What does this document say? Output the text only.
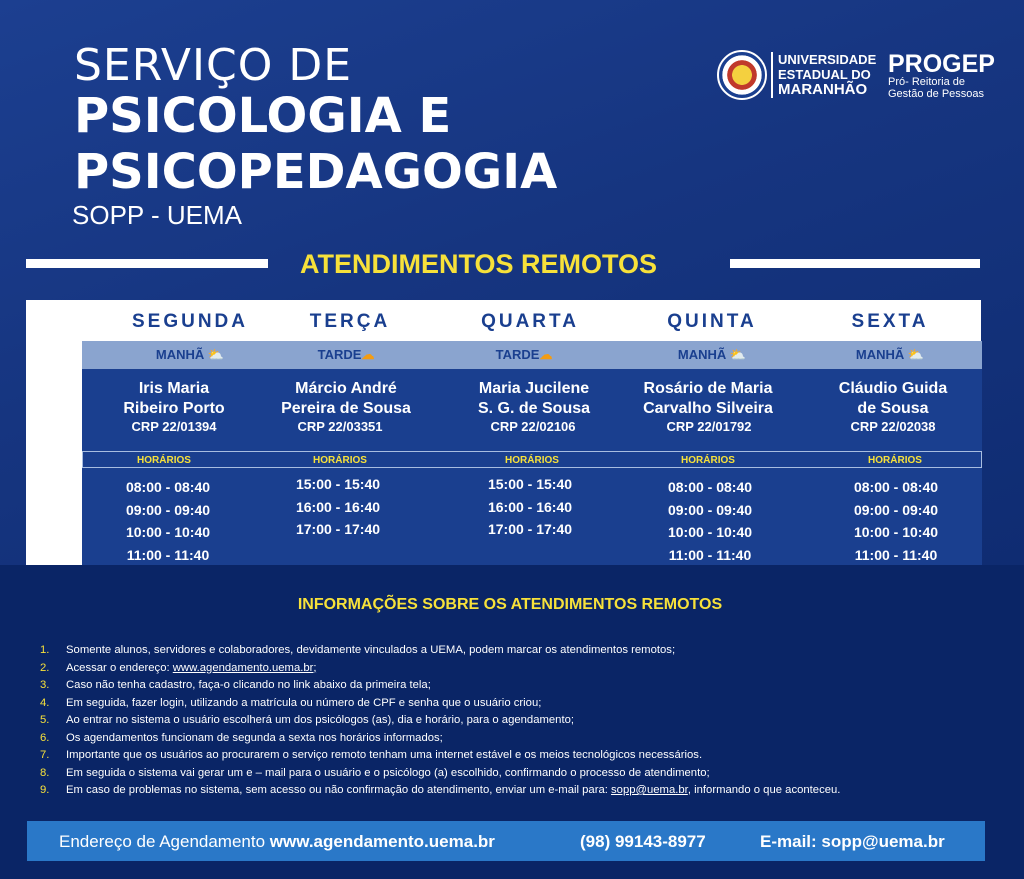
SERVIÇO DE
PSICOLOGIA E
PSICOPEDAGOGIA
SOPP - UEMA
UNIVERSIDADE
ESTADUAL DO
MARANHÃO
PROGEP
Pró- Reitoria de
Gestão de Pessoas
ATENDIMENTOS REMOTOS
SEGUNDA
MANHÃ ⛅
Iris Maria
Ribeiro Porto
CRP 22/01394
HORÁRIOS
08:00 - 08:40
09:00 - 09:40
10:00 - 10:40
11:00 - 11:40
TERÇA
TARDE☁
Márcio André
Pereira de Sousa
CRP 22/03351
HORÁRIOS
15:00 - 15:40
16:00 - 16:40
17:00 - 17:40
QUARTA
TARDE☁
Maria Jucilene
S. G. de Sousa
CRP 22/02106
HORÁRIOS
15:00 - 15:40
16:00 - 16:40
17:00 - 17:40
QUINTA
MANHÃ ⛅
Rosário de Maria
Carvalho Silveira
CRP 22/01792
HORÁRIOS
08:00 - 08:40
09:00 - 09:40
10:00 - 10:40
11:00 - 11:40
SEXTA
MANHÃ ⛅
Cláudio Guida
de Sousa
CRP 22/02038
HORÁRIOS
08:00 - 08:40
09:00 - 09:40
10:00 - 10:40
11:00 - 11:40
INFORMAÇÕES SOBRE OS ATENDIMENTOS REMOTOS
1. Somente alunos, servidores e colaboradores, devidamente vinculados a UEMA, podem marcar os atendimentos remotos;
2. Acessar o endereço: www.agendamento.uema.br;
3. Caso não tenha cadastro, faça-o clicando no link abaixo da primeira tela;
4. Em seguida, fazer login, utilizando a matrícula ou número de CPF e senha que o usuário criou;
5. Ao entrar no sistema o usuário escolherá um dos psicólogos (as), dia e horário, para o agendamento;
6. Os agendamentos funcionam de segunda a sexta nos horários informados;
7. Importante que os usuários ao procurarem o serviço remoto tenham uma internet estável e os meios tecnológicos necessários.
8. Em seguida o sistema vai gerar um e – mail para o usuário e o psicólogo (a) escolhido, confirmando o processo de atendimento;
9. Em caso de problemas no sistema, sem acesso ou não confirmação do atendimento, enviar um e-mail para: sopp@uema.br, informando o que aconteceu.
Endereço de Agendamento www.agendamento.uema.br	(98) 99143-8977	E-mail: sopp@uema.br
